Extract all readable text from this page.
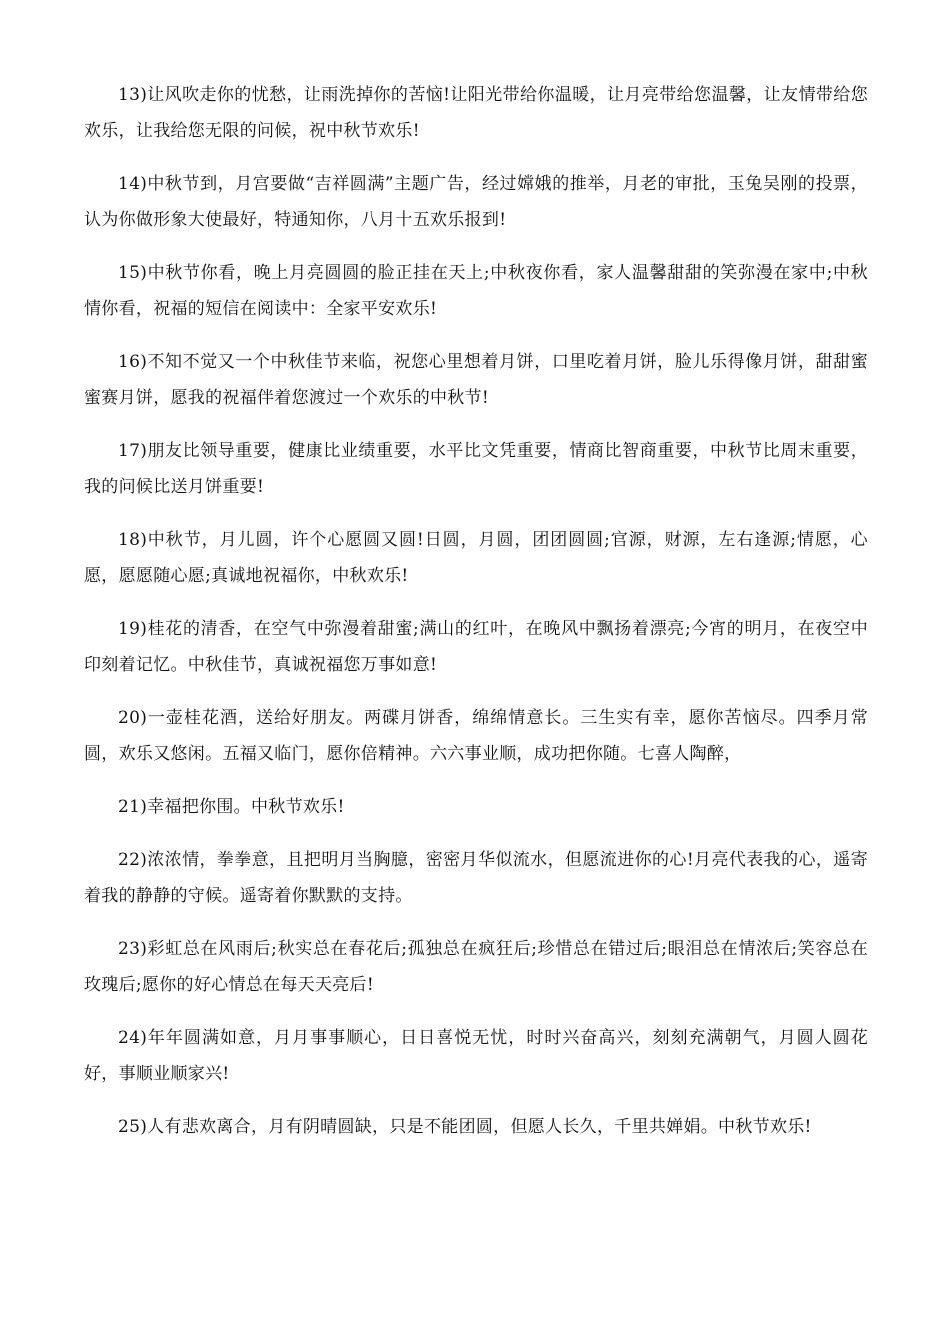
13)让风吹走你的忧愁，让雨洗掉你的苦恼!让阳光带给你温暖，让月亮带给您温馨，让友情带给您欢乐，让我给您无限的问候，祝中秋节欢乐!

14)中秋节到，月宫要做“吉祥圆满”主题广告，经过嫦娥的推举，月老的审批，玉兔吴刚的投票，认为你做形象大使最好，特通知你，八月十五欢乐报到!

15)中秋节你看，晚上月亮圆圆的脸正挂在天上;中秋夜你看，家人温馨甜甜的笑弥漫在家中;中秋情你看，祝福的短信在阅读中：全家平安欢乐!

16)不知不觉又一个中秋佳节来临，祝您心里想着月饼，口里吃着月饼，脸儿乐得像月饼，甜甜蜜蜜赛月饼，愿我的祝福伴着您渡过一个欢乐的中秋节!

17)朋友比领导重要，健康比业绩重要，水平比文凭重要，情商比智商重要，中秋节比周末重要，我的问候比送月饼重要!

18)中秋节，月儿圆，许个心愿圆又圆!日圆，月圆，团团圆圆;官源，财源，左右逢源;情愿，心愿，愿愿随心愿;真诚地祝福你，中秋欢乐!

19)桂花的清香，在空气中弥漫着甜蜜;满山的红叶，在晚风中飘扬着漂亮;今宵的明月，在夜空中印刻着记忆。中秋佳节，真诚祝福您万事如意!

20)一壶桂花酒，送给好朋友。两碟月饼香，绵绵情意长。三生实有幸，愿你苦恼尽。四季月常圆，欢乐又悠闲。五福又临门，愿你倍精神。六六事业顺，成功把你随。七喜人陶醉，

21)幸福把你围。中秋节欢乐!

22)浓浓情，拳拳意，且把明月当胸臆，密密月华似流水，但愿流进你的心!月亮代表我的心，遥寄着我的静静的守候。遥寄着你默默的支持。

23)彩虹总在风雨后;秋实总在春花后;孤独总在疯狂后;珍惜总在错过后;眼泪总在情浓后;笑容总在玫瑰后;愿你的好心情总在每天天亮后!

24)年年圆满如意，月月事事顺心，日日喜悦无忧，时时兴奋高兴，刻刻充满朝气，月圆人圆花好，事顺业顺家兴!

25)人有悲欢离合，月有阴晴圆缺，只是不能团圆，但愿人长久，千里共婵娟。中秋节欢乐!
